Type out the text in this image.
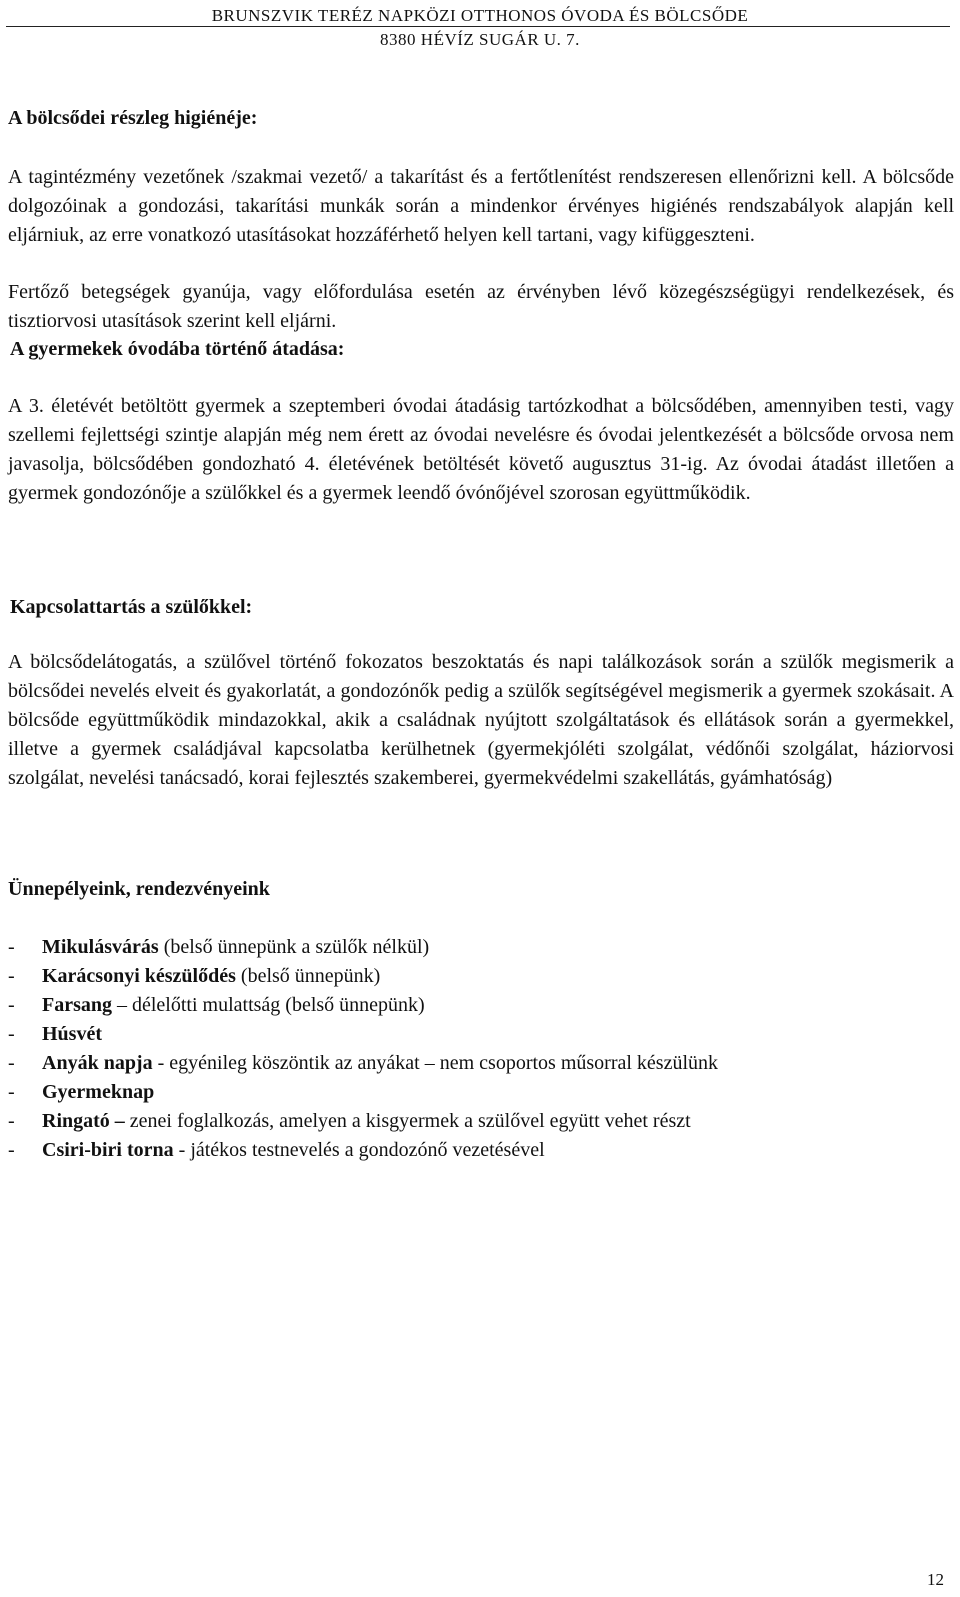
BRUNSZVIK TERÉZ NAPKÖZI OTTHONOS ÓVODA ÉS BÖLCSŐDE
8380 HÉVÍZ SUGÁR U. 7.
A bölcsődei részleg higiénéje:

A tagintézmény vezetőnek /szakmai vezető/ a takarítást és a fertőtlenítést rendszeresen ellenőrizni kell. A bölcsőde dolgozóinak a gondozási, takarítási munkák során a mindenkor érvényes higiénés rendszabályok alapján kell eljárniuk, az erre vonatkozó utasításokat hozzáférhető helyen kell tartani, vagy kifüggeszteni.

Fertőző betegségek gyanúja, vagy előfordulása esetén az érvényben lévő közegészségügyi rendelkezések, és tisztiorvosi utasítások szerint kell eljárni.

A gyermekek óvodába történő átadása:

A 3. életévét betöltött gyermek a szeptemberi óvodai átadásig tartózkodhat a bölcsődében, amennyiben testi, vagy szellemi fejlettségi szintje alapján még nem érett az óvodai nevelésre és óvodai jelentkezését a bölcsőde orvosa nem javasolja, bölcsődében gondozható 4. életévének betöltését követő augusztus 31-ig. Az óvodai átadást illetően a gyermek gondozónője a szülőkkel és a gyermek leendő óvónőjével szorosan együttműködik.

Kapcsolattartás a szülőkkel:

A bölcsődelátogatás, a szülővel történő fokozatos beszoktatás és napi találkozások során a szülők megismerik a bölcsődei nevelés elveit és gyakorlatát, a gondozónők pedig a szülők segítségével megismerik a gyermek szokásait. A bölcsőde együttműködik mindazokkal, akik a családnak nyújtott szolgáltatások és ellátások során a gyermekkel, illetve a gyermek családjával kapcsolatba kerülhetnek (gyermekjóléti szolgálat, védőnői szolgálat, háziorvosi szolgálat, nevelési tanácsadó, korai fejlesztés szakemberei, gyermekvédelmi szakellátás, gyámhatóság)

Ünnepélyeink, rendezvényeink
- Mikulásvárás (belső ünnepünk a szülők nélkül)
- Karácsonyi készülődés (belső ünnepünk)
- Farsang – délelőtti mulattság (belső ünnepünk)
- Húsvét
- Anyák napja - egyénileg köszöntik az anyákat – nem csoportos műsorral készülünk
- Gyermeknap
- Ringató – zenei foglalkozás, amelyen a kisgyermek a szülővel együtt vehet részt
- Csiri-biri torna - játékos testnevelés a gondozónő vezetésével
12
